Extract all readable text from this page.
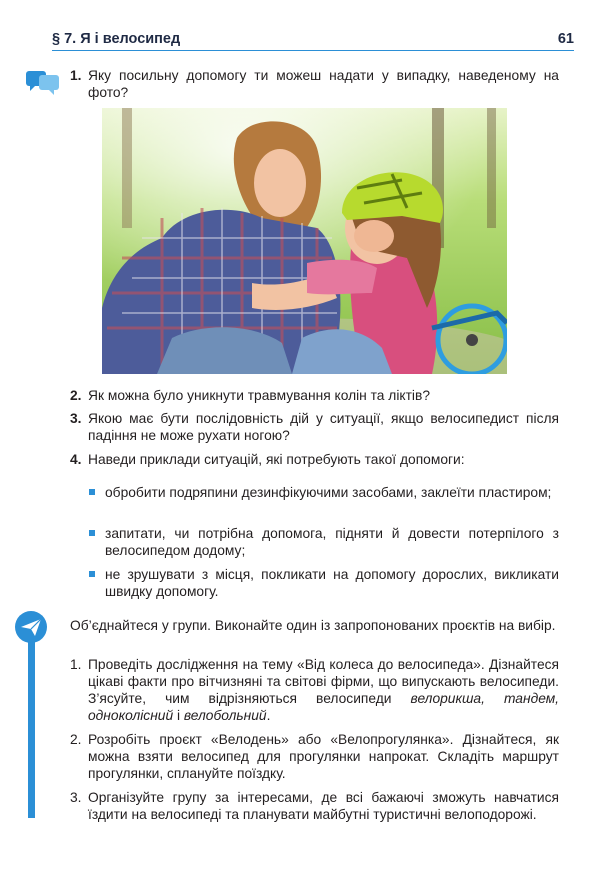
§ 7. Я і велосипед	61
1. Яку посильну допомогу ти можеш надати у випадку, наведеному на фото?
2. Як можна було уникнути травмування колін та ліктів?
3. Якою має бути послідовність дій у ситуації, якщо велосипедист після падіння не може рухати ногою?
4. Наведи приклади ситуацій, які потребують такої допомоги:
обробити подряпини дезинфікуючими засобами, заклеїти пластиром;
запитати, чи потрібна допомога, підняти й довести потерпілого з велосипедом додому;
не зрушувати з місця, покликати на допомогу дорослих, викликати швидку допомогу.
Об’єднайтеся у групи. Виконайте один із запропонованих проєктів на вибір.
1. Проведіть дослідження на тему «Від колеса до велосипеда». Дізнайтеся цікаві факти про вітчизняні та світові фірми, що випускають велосипеди. З’ясуйте, чим відрізняються велосипеди велорикша, тандем, одноколісний і велобольний.
2. Розробіть проєкт «Велодень» або «Велопрогулянка». Дізнайтеся, як можна взяти велосипед для прогулянки напрокат. Складіть маршрут прогулянки, сплануйте поїздку.
3. Організуйте групу за інтересами, де всі бажаючі зможуть навчатися їздити на велосипеді та планувати майбутні туристичні велоподорожі.
